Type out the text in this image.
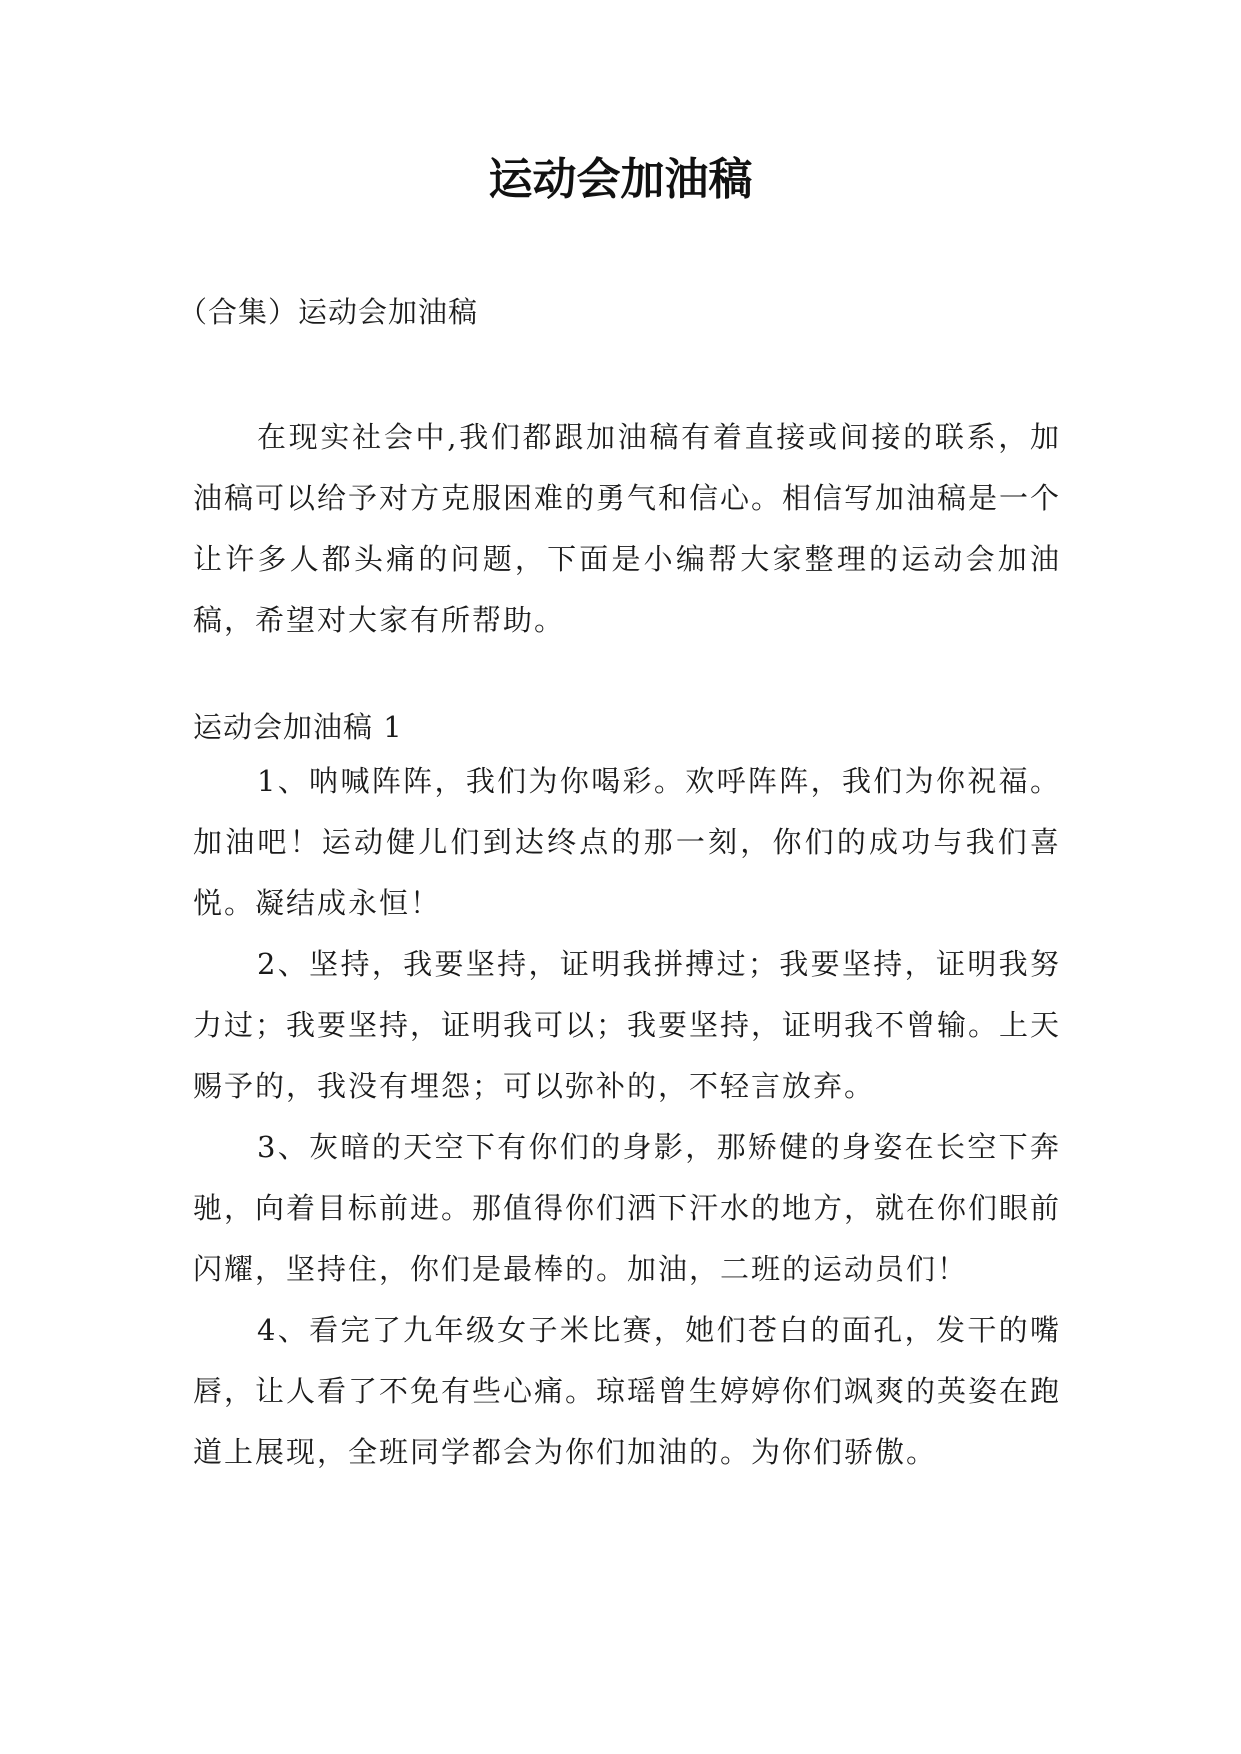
运动会加油稿

（合集）运动会加油稿

在现实社会中,我们都跟加油稿有着直接或间接的联系，加油稿可以给予对方克服困难的勇气和信心。相信写加油稿是一个让许多人都头痛的问题，下面是小编帮大家整理的运动会加油稿，希望对大家有所帮助。

运动会加油稿 1

1、呐喊阵阵，我们为你喝彩。欢呼阵阵，我们为你祝福。加油吧！运动健儿们到达终点的那一刻，你们的成功与我们喜悦。凝结成永恒！
2、坚持，我要坚持，证明我拼搏过；我要坚持，证明我努力过；我要坚持，证明我可以；我要坚持，证明我不曾输。上天赐予的，我没有埋怨；可以弥补的，不轻言放弃。
3、灰暗的天空下有你们的身影，那矫健的身姿在长空下奔驰，向着目标前进。那值得你们洒下汗水的地方，就在你们眼前闪耀，坚持住，你们是最棒的。加油，二班的运动员们！
4、看完了九年级女子米比赛，她们苍白的面孔，发干的嘴唇，让人看了不免有些心痛。琼瑶曾生婷婷你们飒爽的英姿在跑道上展现，全班同学都会为你们加油的。为你们骄傲。
